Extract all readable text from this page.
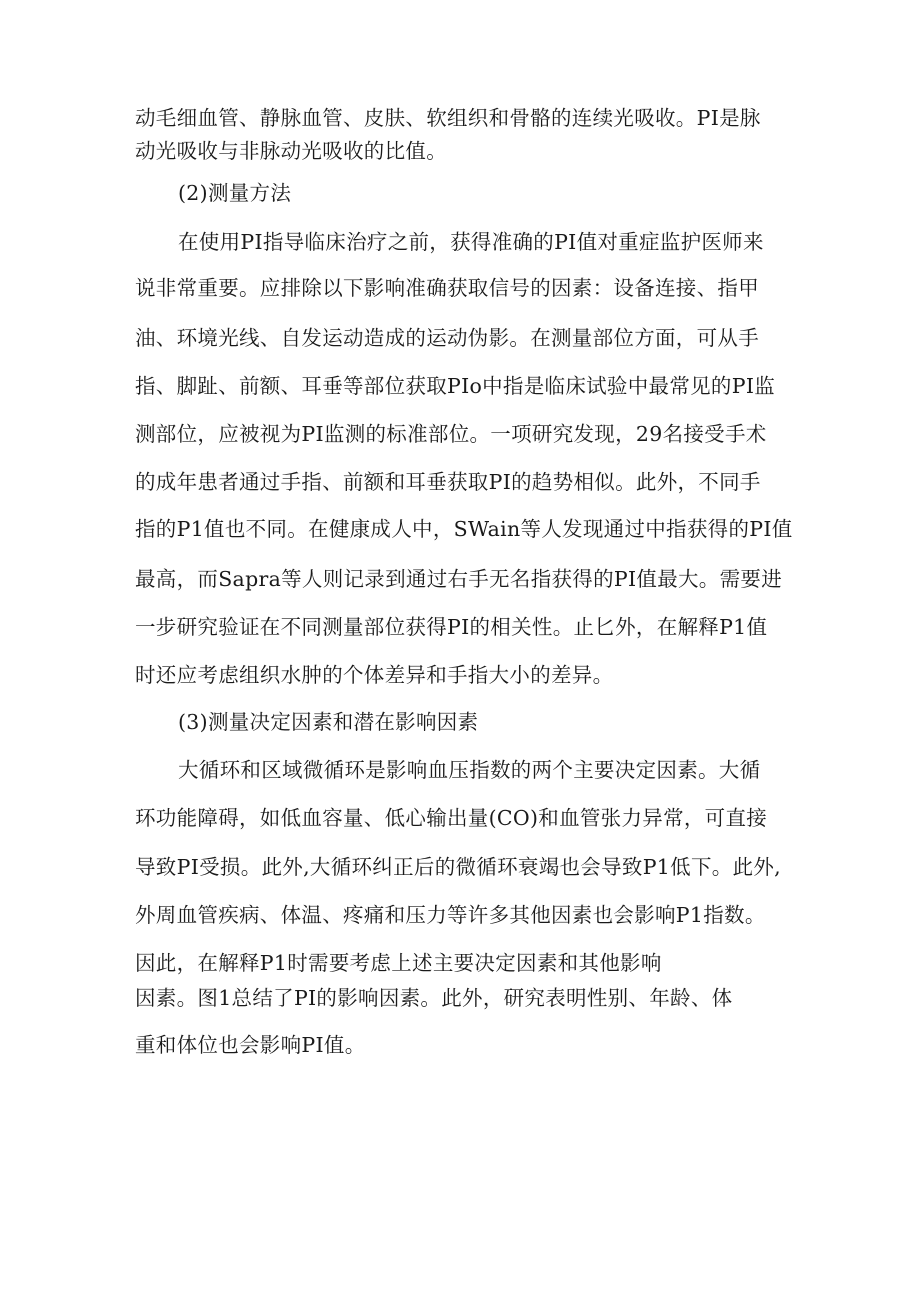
动毛细血管、静脉血管、皮肤、软组织和骨骼的连续光吸收。PI是脉
动光吸收与非脉动光吸收的比值。
(2)测量方法
在使用PI指导临床治疗之前，获得准确的PI值对重症监护医师来
说非常重要。应排除以下影响准确获取信号的因素：设备连接、指甲
油、环境光线、自发运动造成的运动伪影。在测量部位方面，可从手
指、脚趾、前额、耳垂等部位获取PIo中指是临床试验中最常见的PI监
测部位，应被视为PI监测的标准部位。一项研究发现，29名接受手术
的成年患者通过手指、前额和耳垂获取PI的趋势相似。此外，不同手
指的P1值也不同。在健康成人中，SWain等人发现通过中指获得的PI值
最高，而Sapra等人则记录到通过右手无名指获得的PI值最大。需要进
一步研究验证在不同测量部位获得PI的相关性。止匕外，在解释P1值
时还应考虑组织水肿的个体差异和手指大小的差异。
(3)测量决定因素和潜在影响因素
大循环和区域微循环是影响血压指数的两个主要决定因素。大循
环功能障碍，如低血容量、低心输出量(CO)和血管张力异常，可直接
导致PI受损。此外,大循环纠正后的微循环衰竭也会导致P1低下。此外,
外周血管疾病、体温、疼痛和压力等许多其他因素也会影响P1指数。
因此，在解释P1时需要考虑上述主要决定因素和其他影响
因素。图1总结了PI的影响因素。此外，研究表明性别、年龄、体
重和体位也会影响PI值。
